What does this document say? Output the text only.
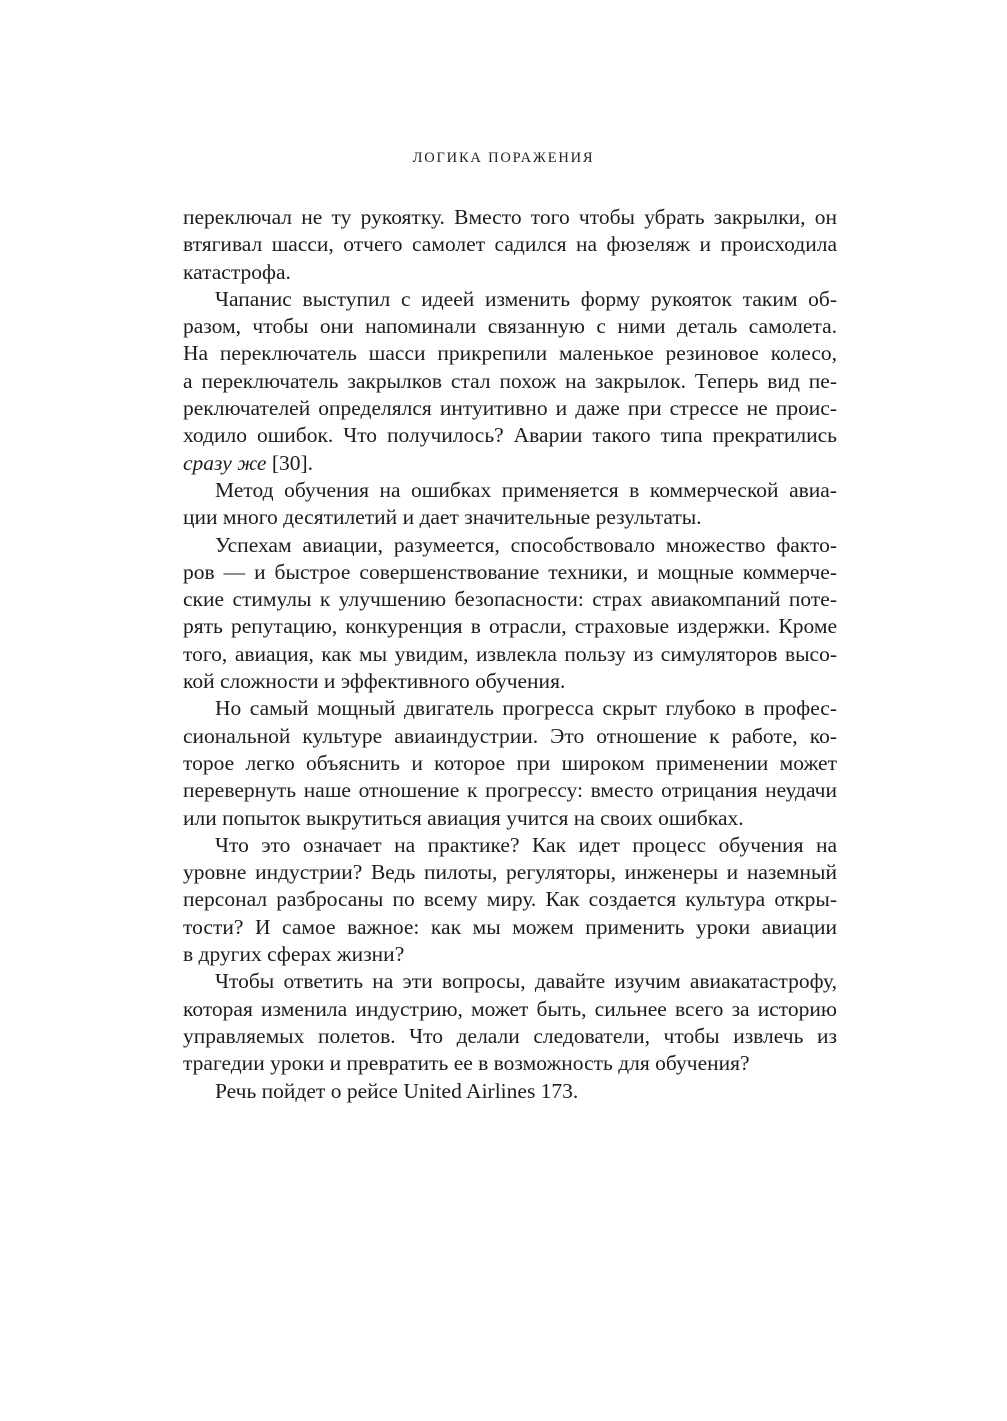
ЛОГИКА ПОРАЖЕНИЯ
переключал не ту рукоятку. Вместо того чтобы убрать закрылки, он
втягивал шасси, отчего самолет садился на фюзеляж и происходила
катастрофа.
Чапанис выступил с идеей изменить форму рукояток таким об-
разом, чтобы они напоминали связанную с ними деталь самолета.
На переключатель шасси прикрепили маленькое резиновое колесо,
а переключатель закрылков стал похож на закрылок. Теперь вид пе-
реключателей определялся интуитивно и даже при стрессе не проис-
ходило ошибок. Что получилось? Аварии такого типа прекратились
сразу же [30].
Метод обучения на ошибках применяется в коммерческой авиа-
ции много десятилетий и дает значительные результаты.
Успехам авиации, разумеется, способствовало множество факто-
ров — и быстрое совершенствование техники, и мощные коммерче-
ские стимулы к улучшению безопасности: страх авиакомпаний поте-
рять репутацию, конкуренция в отрасли, страховые издержки. Кроме
того, авиация, как мы увидим, извлекла пользу из симуляторов высо-
кой сложности и эффективного обучения.
Но самый мощный двигатель прогресса скрыт глубоко в профес-
сиональной культуре авиаиндустрии. Это отношение к работе, ко-
торое легко объяснить и которое при широком применении может
перевернуть наше отношение к прогрессу: вместо отрицания неудачи
или попыток выкрутиться авиация учится на своих ошибках.
Что это означает на практике? Как идет процесс обучения на
уровне индустрии? Ведь пилоты, регуляторы, инженеры и наземный
персонал разбросаны по всему миру. Как создается культура откры-
тости? И самое важное: как мы можем применить уроки авиации
в других сферах жизни?
Чтобы ответить на эти вопросы, давайте изучим авиакатастрофу,
которая изменила индустрию, может быть, сильнее всего за историю
управляемых полетов. Что делали следователи, чтобы извлечь из
трагедии уроки и превратить ее в возможность для обучения?
Речь пойдет о рейсе United Airlines 173.
